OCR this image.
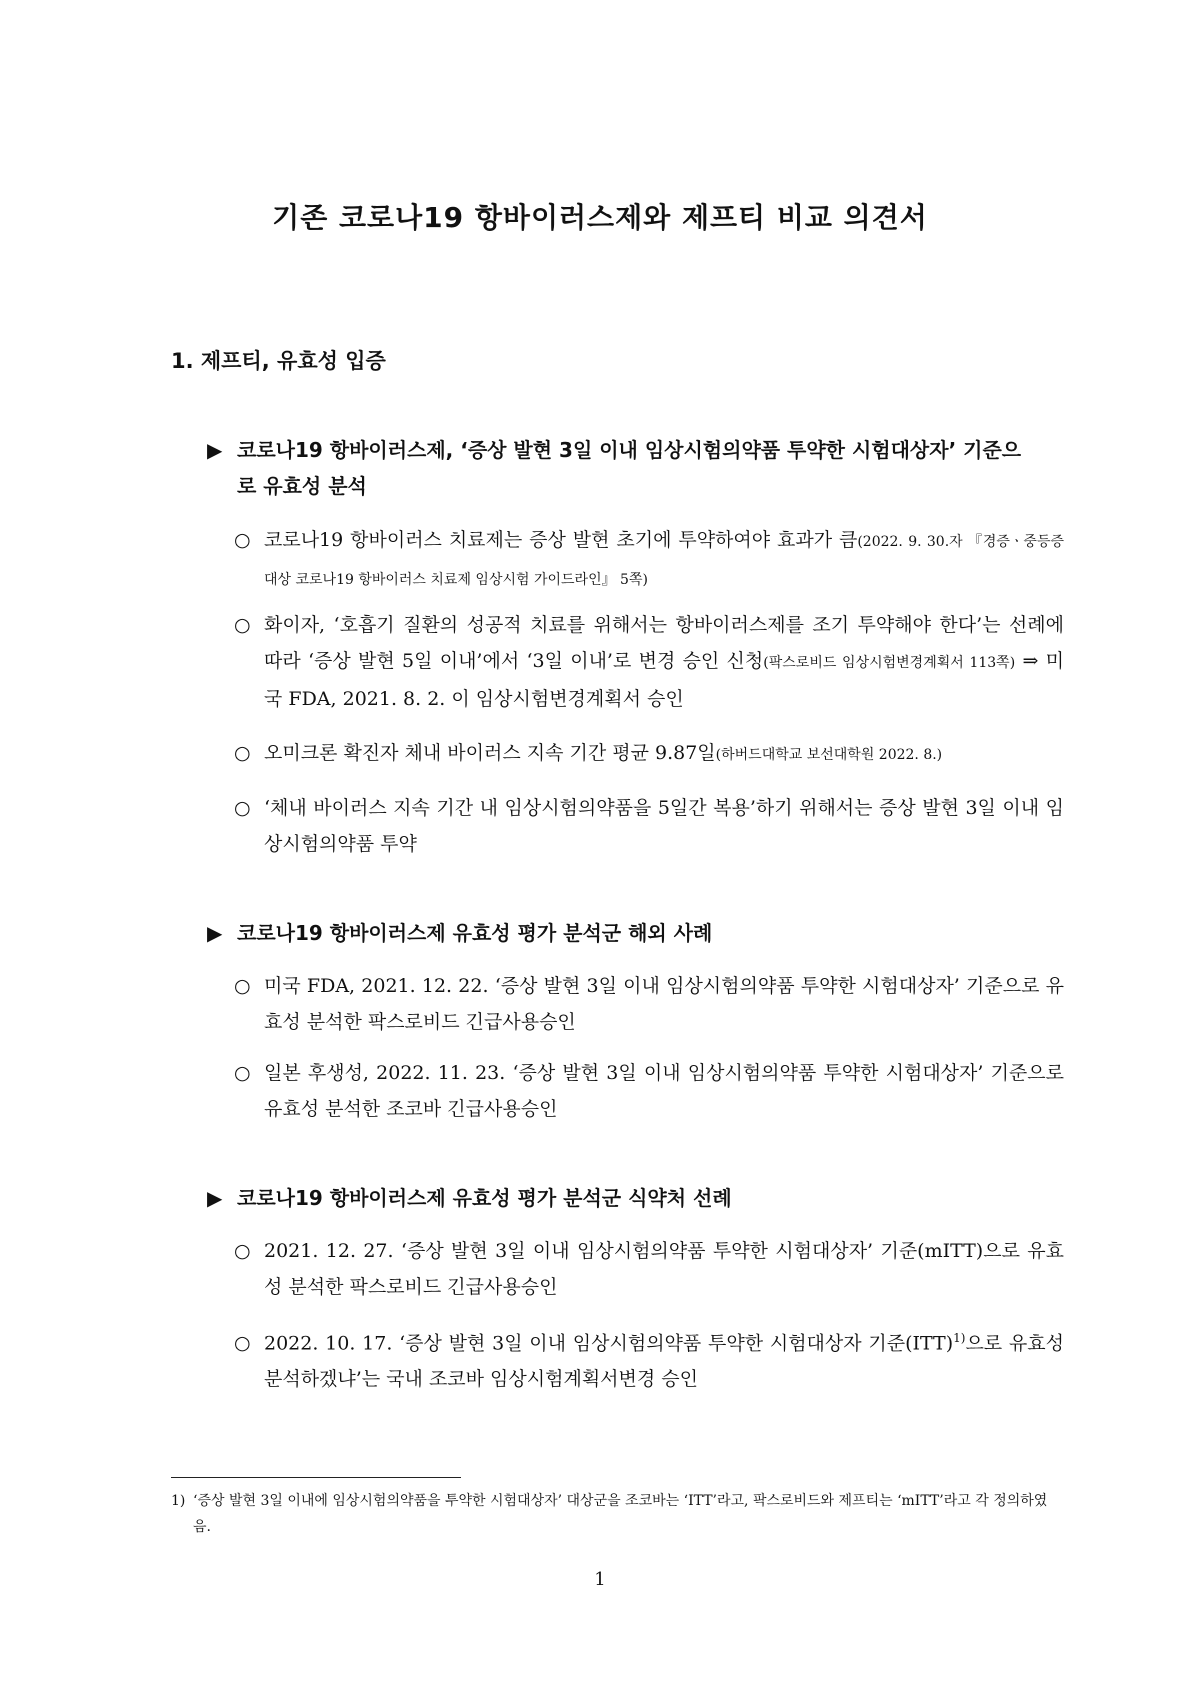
기존 코로나19 항바이러스제와 제프티 비교 의견서
1. 제프티, 유효성 입증

▶ 코로나19 항바이러스제, ‘증상 발현 3일 이내 임상시험의약품 투약한 시험대상자’ 기준으로 유효성 분석

○ 코로나19 항바이러스 치료제는 증상 발현 초기에 투약하여야 효과가 큼(2022. 9. 30.자 『경증ㆍ중등증 대상 코로나19 항바이러스 치료제 임상시험 가이드라인』 5쪽)

○ 화이자, ‘호흡기 질환의 성공적 치료를 위해서는 항바이러스제를 조기 투약해야 한다’는 선례에 따라 ‘증상 발현 5일 이내’에서 ‘3일 이내’로 변경 승인 신청(팍스로비드 임상시험변경계획서 113쪽) ⇒ 미국 FDA, 2021. 8. 2. 이 임상시험변경계획서 승인

○ 오미크론 확진자 체내 바이러스 지속 기간 평균 9.87일(하버드대학교 보선대학원 2022. 8.)

○ ‘체내 바이러스 지속 기간 내 임상시험의약품을 5일간 복용’하기 위해서는 증상 발현 3일 이내 임상시험의약품 투약

▶ 코로나19 항바이러스제 유효성 평가 분석군 해외 사례

○ 미국 FDA, 2021. 12. 22. ‘증상 발현 3일 이내 임상시험의약품 투약한 시험대상자’ 기준으로 유효성 분석한 팍스로비드 긴급사용승인

○ 일본 후생성, 2022. 11. 23. ‘증상 발현 3일 이내 임상시험의약품 투약한 시험대상자’ 기준으로 유효성 분석한 조코바 긴급사용승인

▶ 코로나19 항바이러스제 유효성 평가 분석군 식약처 선례

○ 2021. 12. 27. ‘증상 발현 3일 이내 임상시험의약품 투약한 시험대상자’ 기준(mITT)으로 유효성 분석한 팍스로비드 긴급사용승인

○ 2022. 10. 17. ‘증상 발현 3일 이내 임상시험의약품 투약한 시험대상자 기준(ITT)$^{1)}$으로 유효성 분석하겠냐’는 국내 조코바 임상시험계획서변경 승인

1) ‘증상 발현 3일 이내에 임상시험의약품을 투약한 시험대상자’ 대상군을 조코바는 ‘ITT’라고, 팍스로비드와 제프티는 ‘mITT’라고 각 정의하였음.

1
